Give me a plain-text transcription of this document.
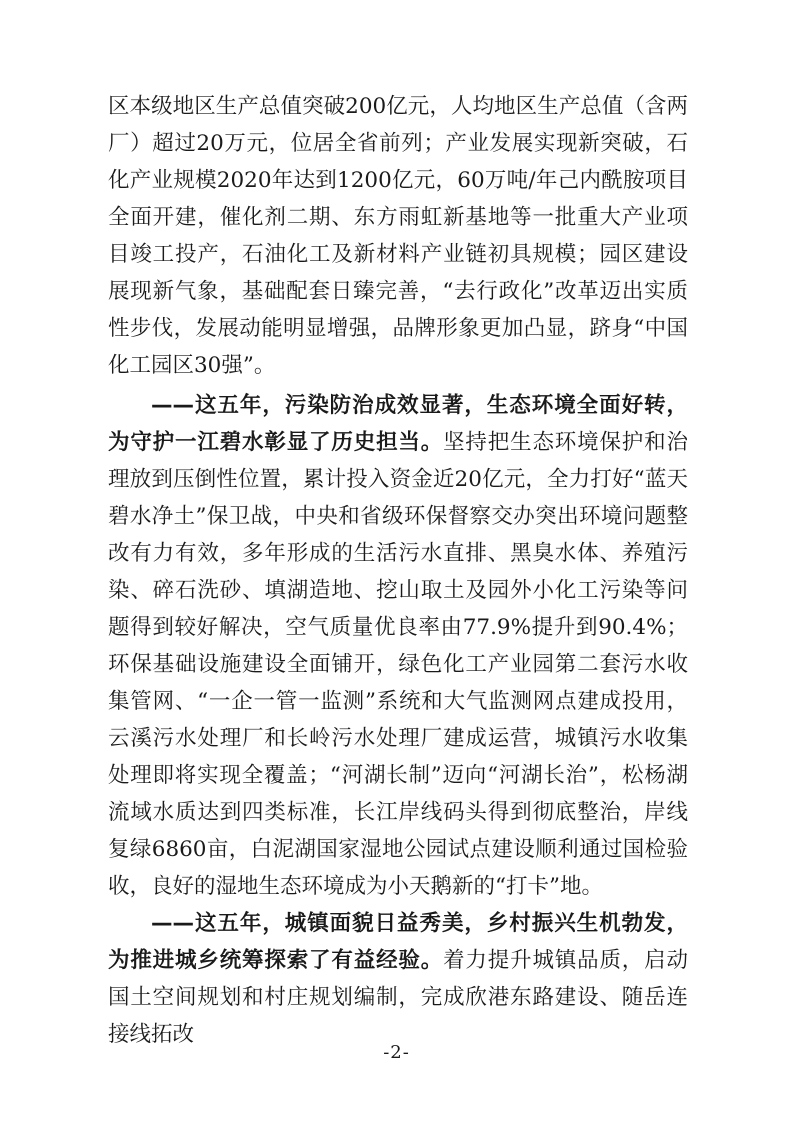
区本级地区生产总值突破200亿元，人均地区生产总值（含两厂）超过20万元，位居全省前列；产业发展实现新突破，石化产业规模2020年达到1200亿元，60万吨/年己内酰胺项目全面开建，催化剂二期、东方雨虹新基地等一批重大产业项目竣工投产，石油化工及新材料产业链初具规模；园区建设展现新气象，基础配套日臻完善，“去行政化”改革迈出实质性步伐，发展动能明显增强，品牌形象更加凸显，跻身“中国化工园区30强”。

——这五年，污染防治成效显著，生态环境全面好转，为守护一江碧水彰显了历史担当。坚持把生态环境保护和治理放到压倒性位置，累计投入资金近20亿元，全力打好“蓝天碧水净土”保卫战，中央和省级环保督察交办突出环境问题整改有力有效，多年形成的生活污水直排、黑臭水体、养殖污染、碎石洗砂、填湖造地、挖山取土及园外小化工污染等问题得到较好解决，空气质量优良率由77.9%提升到90.4%；环保基础设施建设全面铺开，绿色化工产业园第二套污水收集管网、“一企一管一监测”系统和大气监测网点建成投用，云溪污水处理厂和长岭污水处理厂建成运营，城镇污水收集处理即将实现全覆盖；“河湖长制”迈向“河湖长治”，松杨湖流域水质达到四类标准，长江岸线码头得到彻底整治，岸线复绿6860亩，白泥湖国家湿地公园试点建设顺利通过国检验收，良好的湿地生态环境成为小天鹅新的“打卡”地。

——这五年，城镇面貌日益秀美，乡村振兴生机勃发，为推进城乡统筹探索了有益经验。着力提升城镇品质，启动国土空间规划和村庄规划编制，完成欣港东路建设、随岳连接线拓改

-2-
